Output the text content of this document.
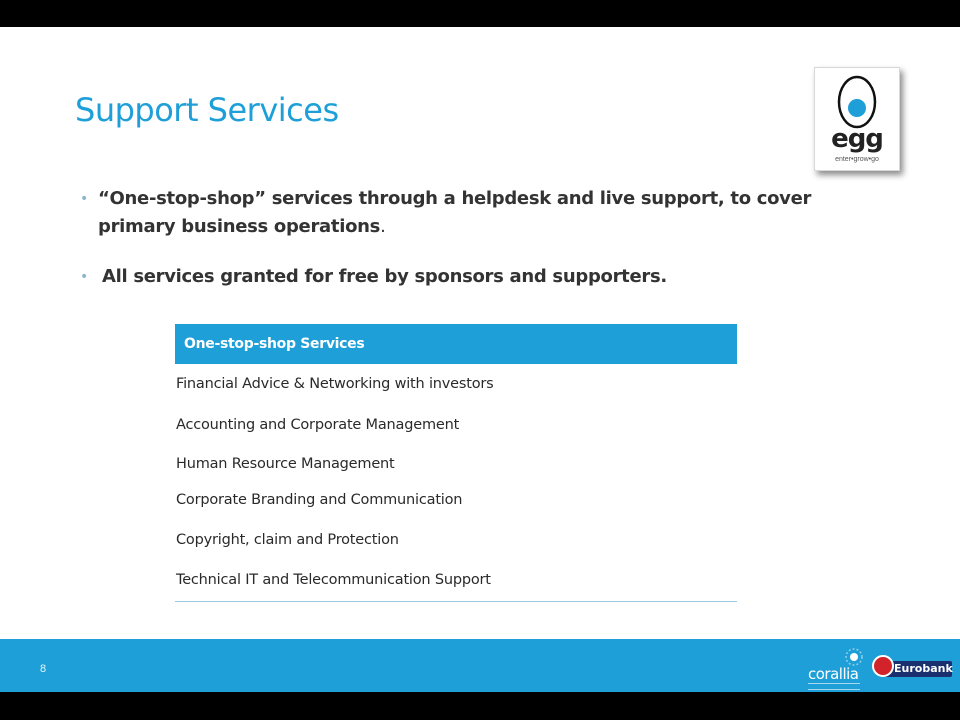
Support Services
egg
enter•grow•go
• “One-stop-shop” services through a helpdesk and live support, to cover primary business operations.
• All services granted for free by sponsors and supporters.
One-stop-shop Services
Financial Advice & Networking with investors
Accounting and Corporate Management
Human Resource Management
Corporate Branding and Communication
Copyright, claim and Protection
Technical IT and Telecommunication Support
8	corallia	Eurobank
